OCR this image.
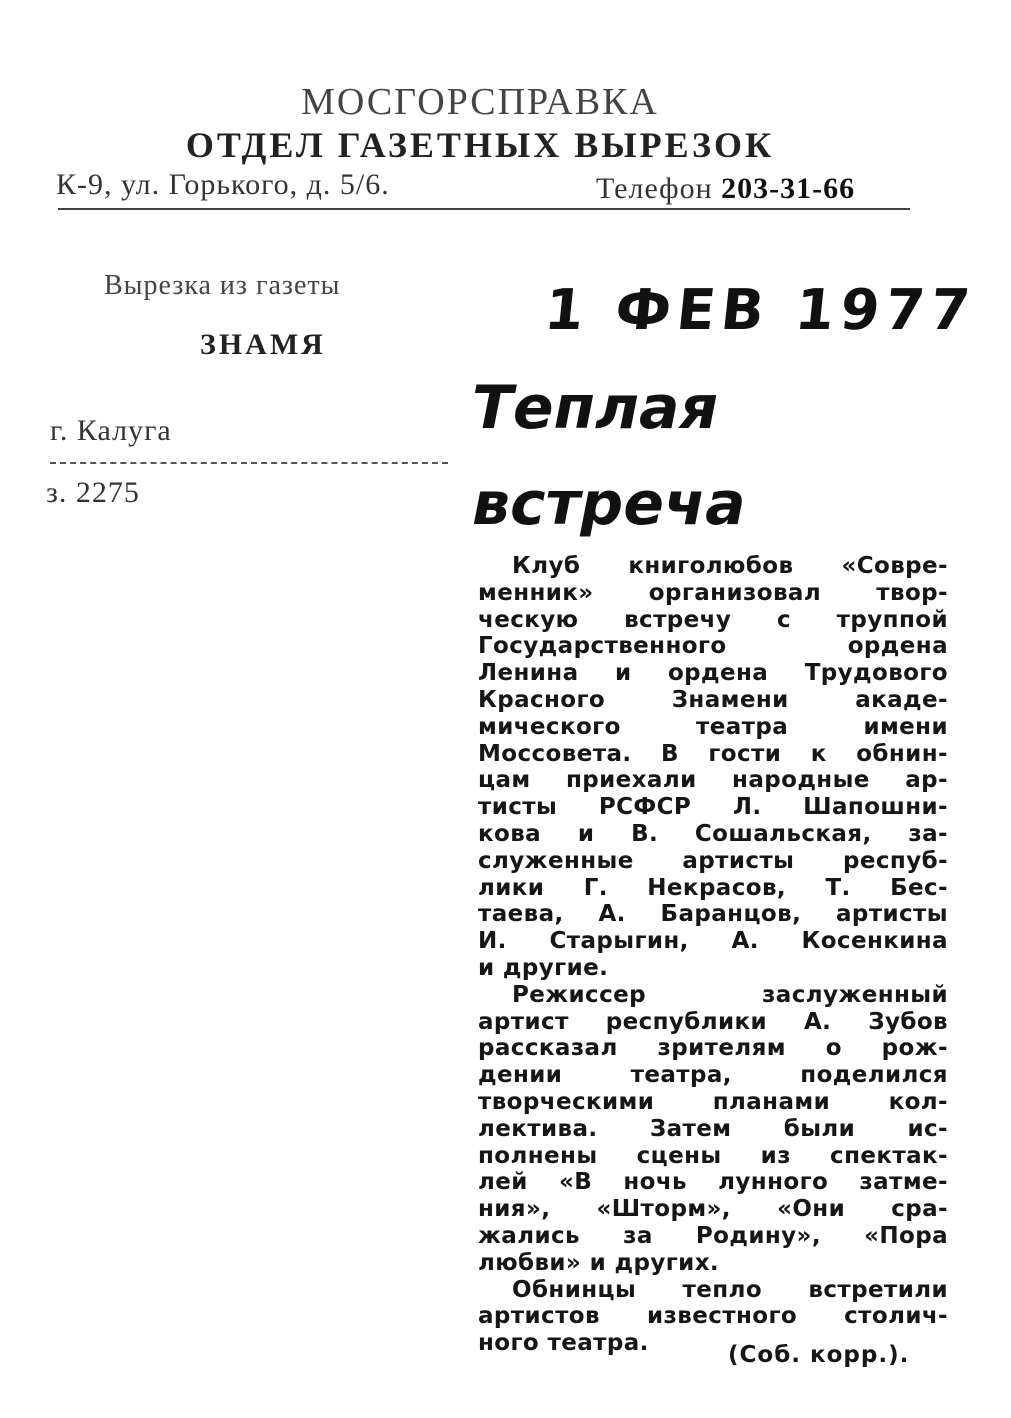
МОСГОРСПРАВКА
ОТДЕЛ ГАЗЕТНЫХ ВЫРЕЗОК
К-9, ул. Горького, д. 5/6.	Телефон 203-31-66
Вырезка из газеты
ЗНАМЯ
г. Калуга
з. 2275
1 ФЕВ 1977
Теплая
встреча
Клуб книголюбов «Совре-
менник» организовал твор-
ческую встречу с труппой
Государственного	ордена
Ленина и ордена Трудового
Красного	Знамени	акаде-
мического	театра	имени
Моссовета. В гости к обнин-
цам приехали народные ар-
тисты РСФСР Л. Шапошни-
кова и В. Сошальская, за-
служенные артисты респуб-
лики Г. Некрасов, Т. Бес-
таева, А. Баранцов, артисты
И. Старыгин, А. Косенкина
и другие.
Режиссер	заслуженный
артист республики А. Зубов
рассказал зрителям о рож-
дении	театра,	поделился
творческими	планами	кол-
лектива. Затем были ис-
полнены сцены из спектак-
лей «В ночь лунного затме-
ния», «Шторм», «Они сра-
жались за Родину», «Пора
любви» и других.
Обнинцы тепло встретили
артистов известного столич-
ного театра.	(Соб. корр.).
